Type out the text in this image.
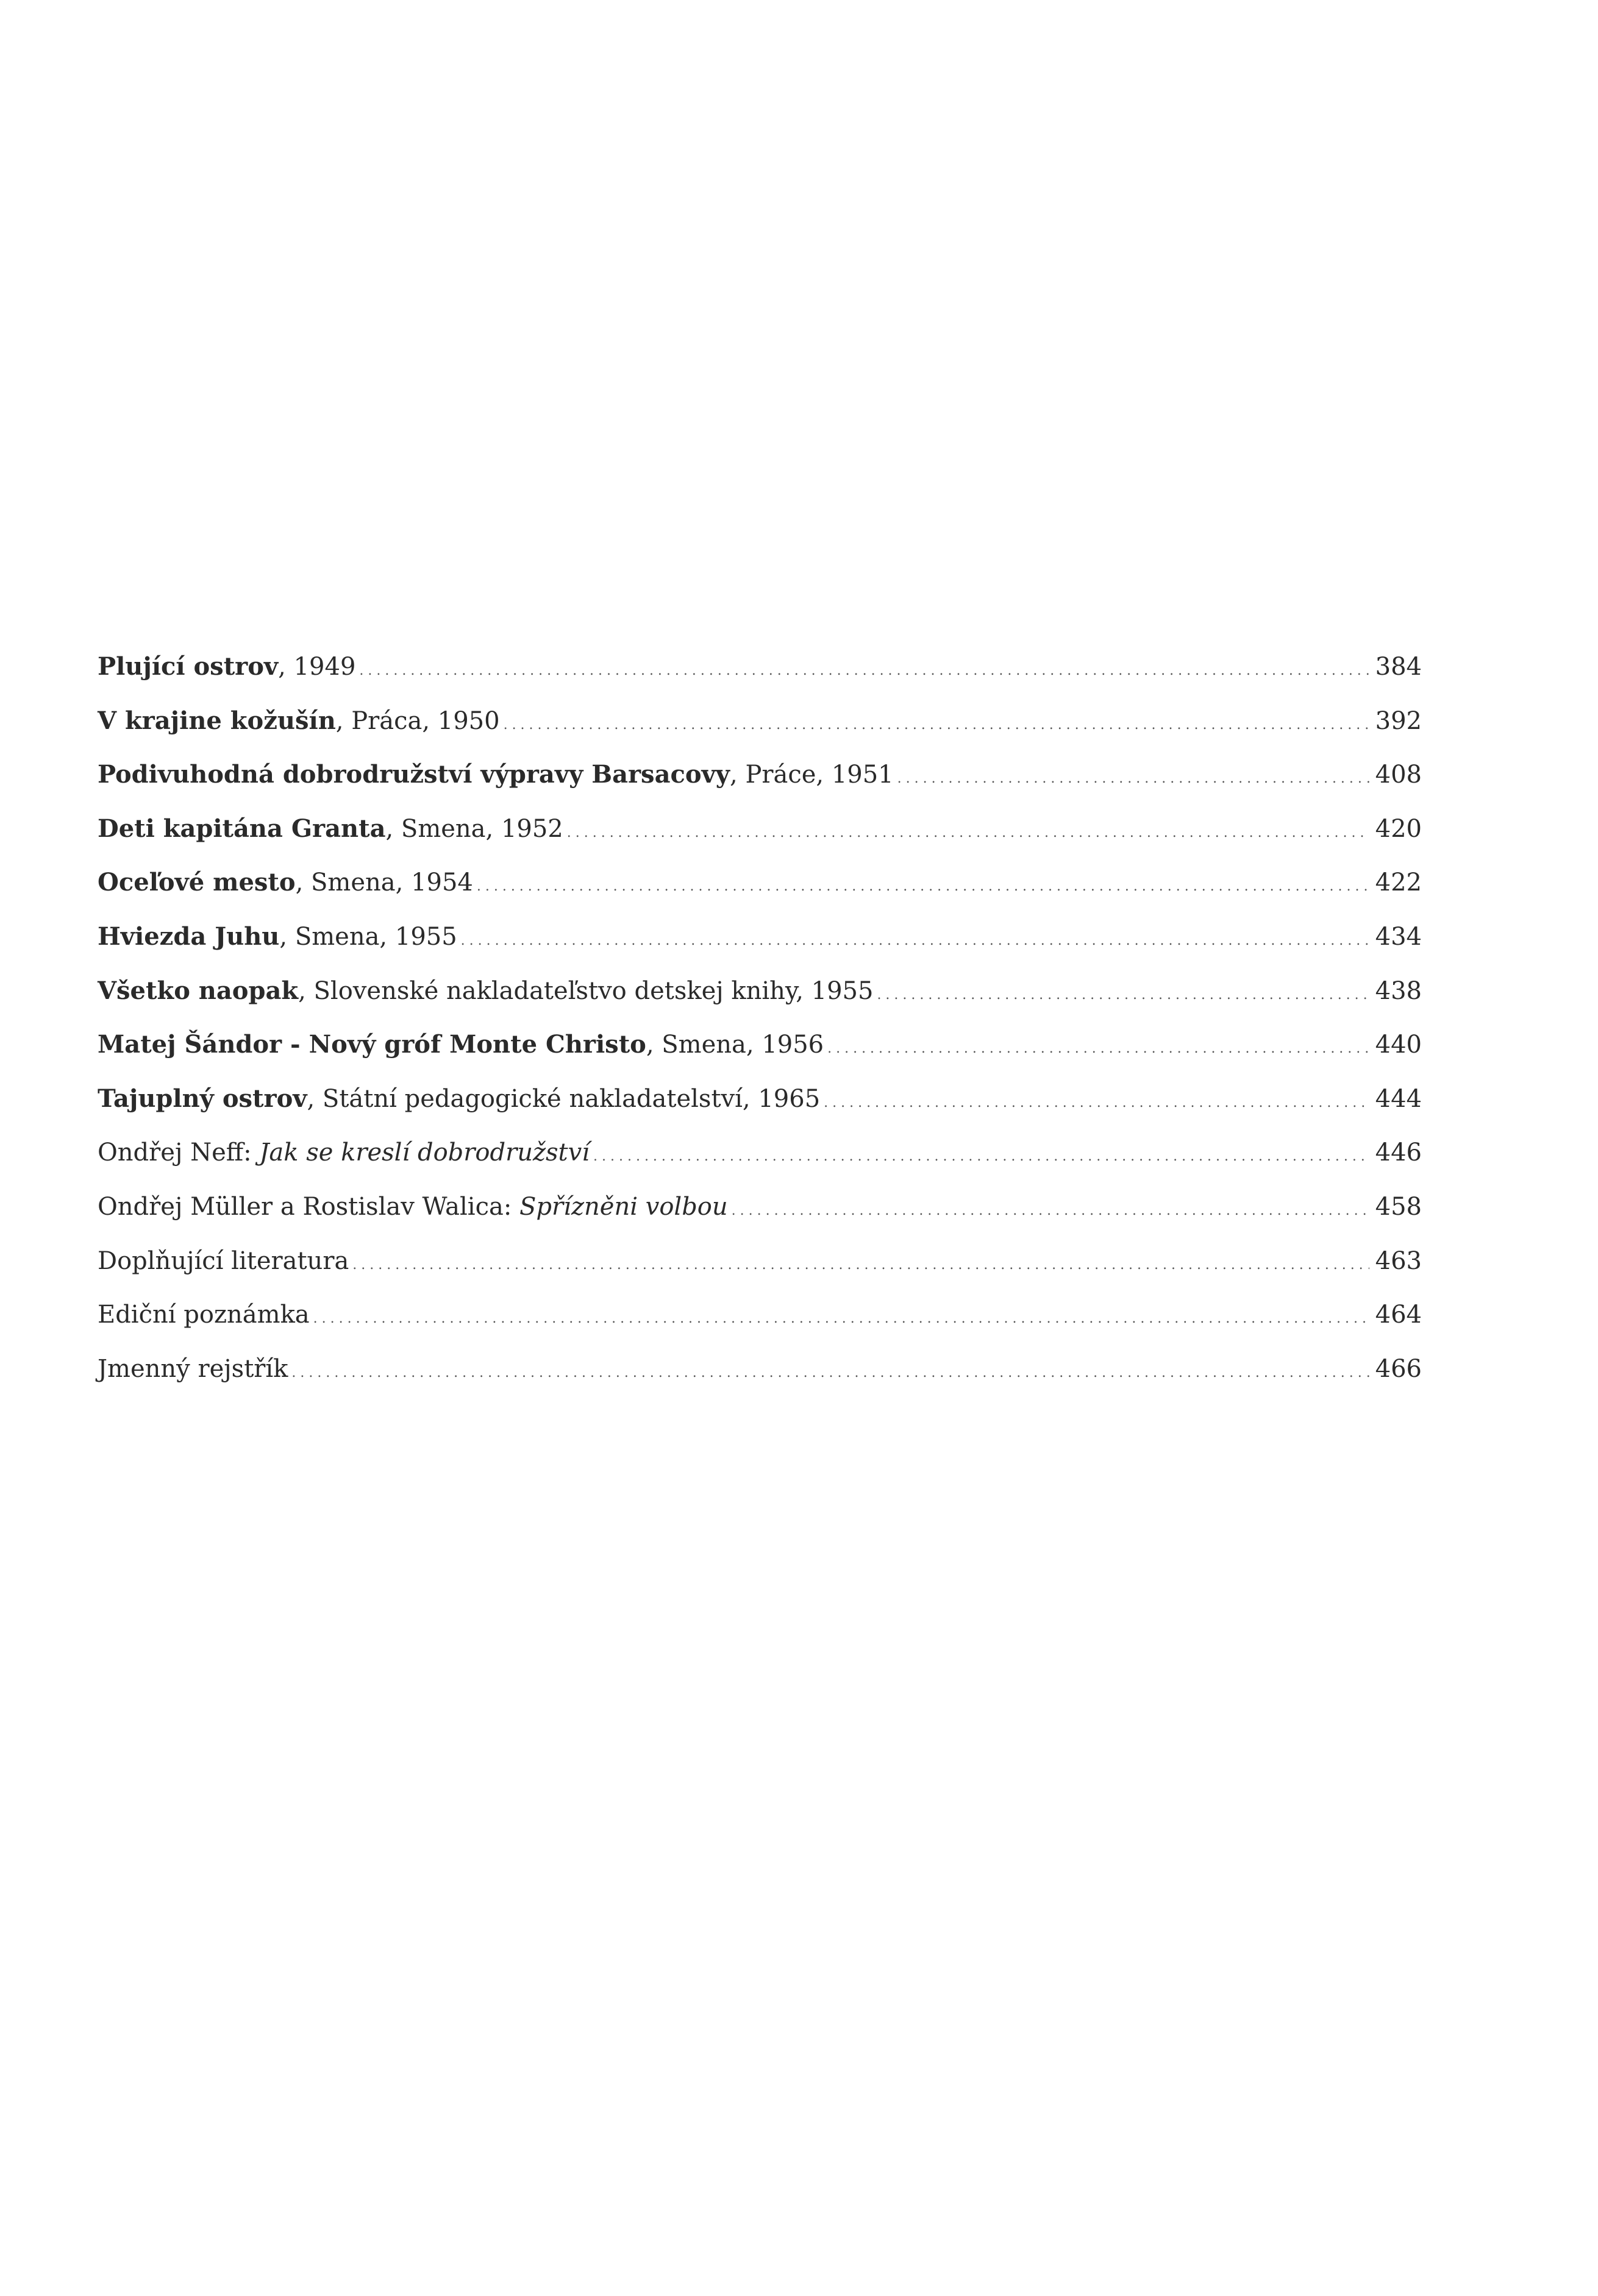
Plující ostrov, 1949 . . .	384
V krajine kožušín, Práca, 1950 . . .	392
Podivuhodná dobrodružství výpravy Barsacovy, Práce, 1951 . . .	408
Deti kapitána Granta, Smena, 1952 . . .	420
Oceľové mesto, Smena, 1954 . . .	422
Hviezda Juhu, Smena, 1955 . . .	434
Všetko naopak, Slovenské nakladateľstvo detskej knihy, 1955 . . .	438
Matej Šándor - Nový gróf Monte Christo, Smena, 1956 . . .	440
Tajuplný ostrov, Státní pedagogické nakladatelství, 1965 . . .	444
Ondřej Neff: Jak se kreslí dobrodružství . . .	446
Ondřej Müller a Rostislav Walica: Spřízněni volbou . . .	458
Doplňující literatura . . .	463
Ediční poznámka . . .	464
Jmenný rejstřík . . .	466
